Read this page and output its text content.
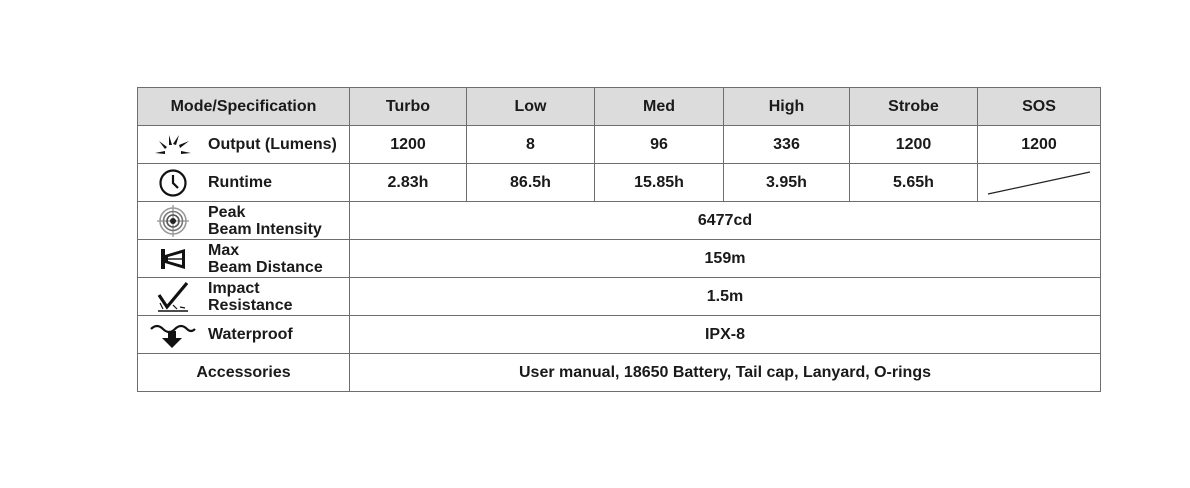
Mode/Specification	Turbo	Low	Med	High	Strobe	SOS

Output (Lumens)	1200	8	96	336	1200	1200

Runtime	2.83h	86.5h	15.85h	3.95h	5.65h	

Peak
Beam Intensity	6477cd					

Max
Beam Distance	159m					

Impact
Resistance	1.5m					

Waterproof	IPX-8					
Accessories	User manual, 18650 Battery, Tail cap, Lanyard, O-rings					
